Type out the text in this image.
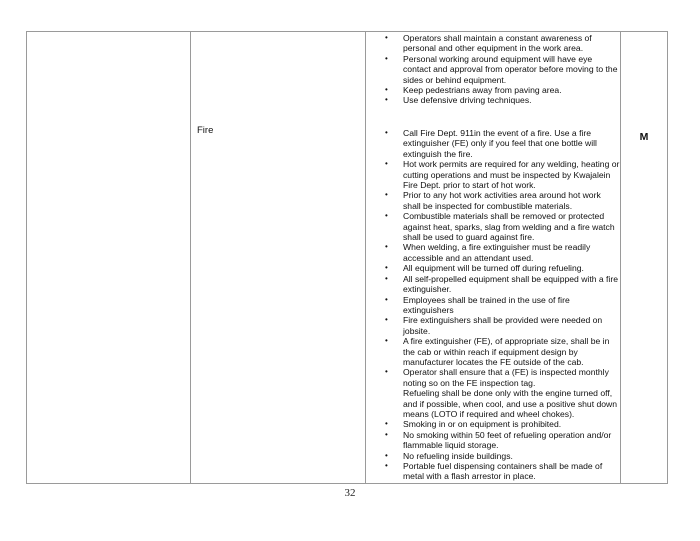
Fire
• Operators shall maintain a constant awareness of personal and other equipment in the work area.
• Personal working around equipment will have eye contact and approval from operator before moving to the sides or behind equipment.
• Keep pedestrians away from paving area.
• Use defensive driving techniques.
• Call Fire Dept. 911in the event of a fire. Use a fire extinguisher (FE) only if you feel that one bottle will extinguish the fire.
• Hot work permits are required for any welding, heating or cutting operations and must be inspected by Kwajalein Fire Dept. prior to start of hot work.
• Prior to any hot work activities area around hot work shall be inspected for combustible materials.
• Combustible materials shall be removed or protected against heat, sparks, slag from welding and a fire watch shall be used to guard against fire.
• When welding, a fire extinguisher must be readily accessible and an attendant used.
• All equipment will be turned off during refueling.
• All self-propelled equipment shall be equipped with a fire extinguisher.
• Employees shall be trained in the use of fire extinguishers
• Fire extinguishers shall be provided were needed on jobsite.
• A fire extinguisher (FE), of appropriate size, shall be in the cab or within reach if equipment design by manufacturer locates the FE outside of the cab.
• Operator shall ensure that a (FE) is inspected monthly noting so on the FE inspection tag.
Refueling shall be done only with the engine turned off, and if possible, when cool, and use a positive shut down means (LOTO if required and wheel chokes).
• Smoking in or on equipment is prohibited.
• No smoking within 50 feet of refueling operation and/or flammable liquid storage.
• No refueling inside buildings.
• Portable fuel dispensing containers shall be made of metal with a flash arrestor in place.
M
32
